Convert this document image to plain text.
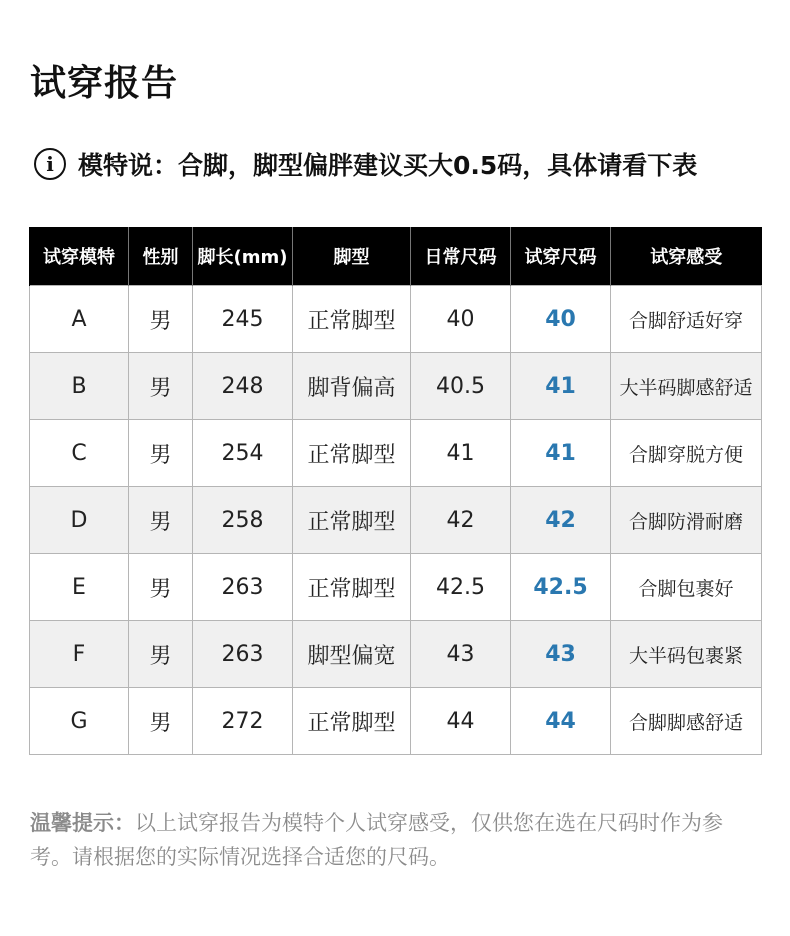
试穿报告
i 模特说：合脚，脚型偏胖建议买大0.5码，具体请看下表
试穿模特	性别	脚长(mm)	脚型	日常尺码	试穿尺码	试穿感受
A	男	245	正常脚型	40	40	合脚舒适好穿
B	男	248	脚背偏高	40.5	41	大半码脚感舒适
C	男	254	正常脚型	41	41	合脚穿脱方便
D	男	258	正常脚型	42	42	合脚防滑耐磨
E	男	263	正常脚型	42.5	42.5	合脚包裹好
F	男	263	脚型偏宽	43	43	大半码包裹紧
G	男	272	正常脚型	44	44	合脚脚感舒适
温馨提示：以上试穿报告为模特个人试穿感受，仅供您在选在尺码时作为参考。请根据您的实际情况选择合适您的尺码。
